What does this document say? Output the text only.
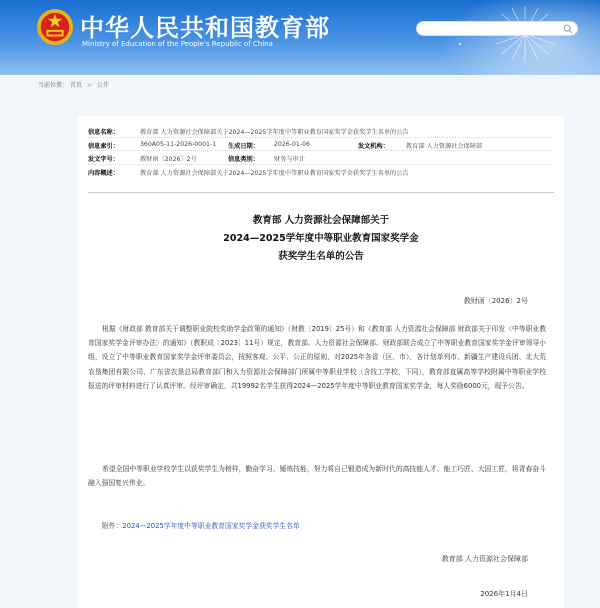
中华人民共和国教育部
Ministry of Education of the People's Republic of China
当前位置： 首页 > 公开
信息名称：	教育部 人力资源社会保障部关于2024—2025学年度中等职业教育国家奖学金获奖学生名单的公告
信息索引：	360A05-11-2026-0001-1 生成日期： 2026-01-06	发文机构：	教育部 人力资源社会保障部
发文字号：	教财函〔2026〕2号	信息类别： 财务与审计
内容概述：	教育部 人力资源社会保障部关于2024—2025学年度中等职业教育国家奖学金获奖学生名单的公告
教育部 人力资源社会保障部关于
2024—2025学年度中等职业教育国家奖学金
获奖学生名单的公告
教财函〔2026〕2号

根据《财政部 教育部关于调整职业院校奖助学金政策的通知》（财教〔2019〕25号）和《教育部 人力资源社会保障部 财政部关于印发〈中等职业教育国家奖学金评审办法〉的通知》（教职成〔2023〕11号）规定，教育部、人力资源社会保障部、财政部联合成立了中等职业教育国家奖学金评审领导小组，设立了中等职业教育国家奖学金评审委员会，按照客观、公平、公正的原则，对2025年各省（区、市）、各计划单列市、新疆生产建设兵团、北大荒农垦集团有限公司、广东省农垦总局教育部门和人力资源社会保障部门所属中等职业学校（含技工学校，下同），教育部直属高等学校附属中等职业学校报送的评审材料进行了认真评审。经评审确定，共19992名学生获得2024—2025学年度中等职业教育国家奖学金，每人奖励6000元，现予公告。

希望全国中等职业学校学生以获奖学生为榜样，勤奋学习、锤炼技能，努力将自己锻造成为新时代的高技能人才、能工巧匠、大国工匠，将青春奋斗融入强国复兴伟业。

附件：2024—2025学年度中等职业教育国家奖学金获奖学生名单
教育部 人力资源社会保障部
2026年1月4日
